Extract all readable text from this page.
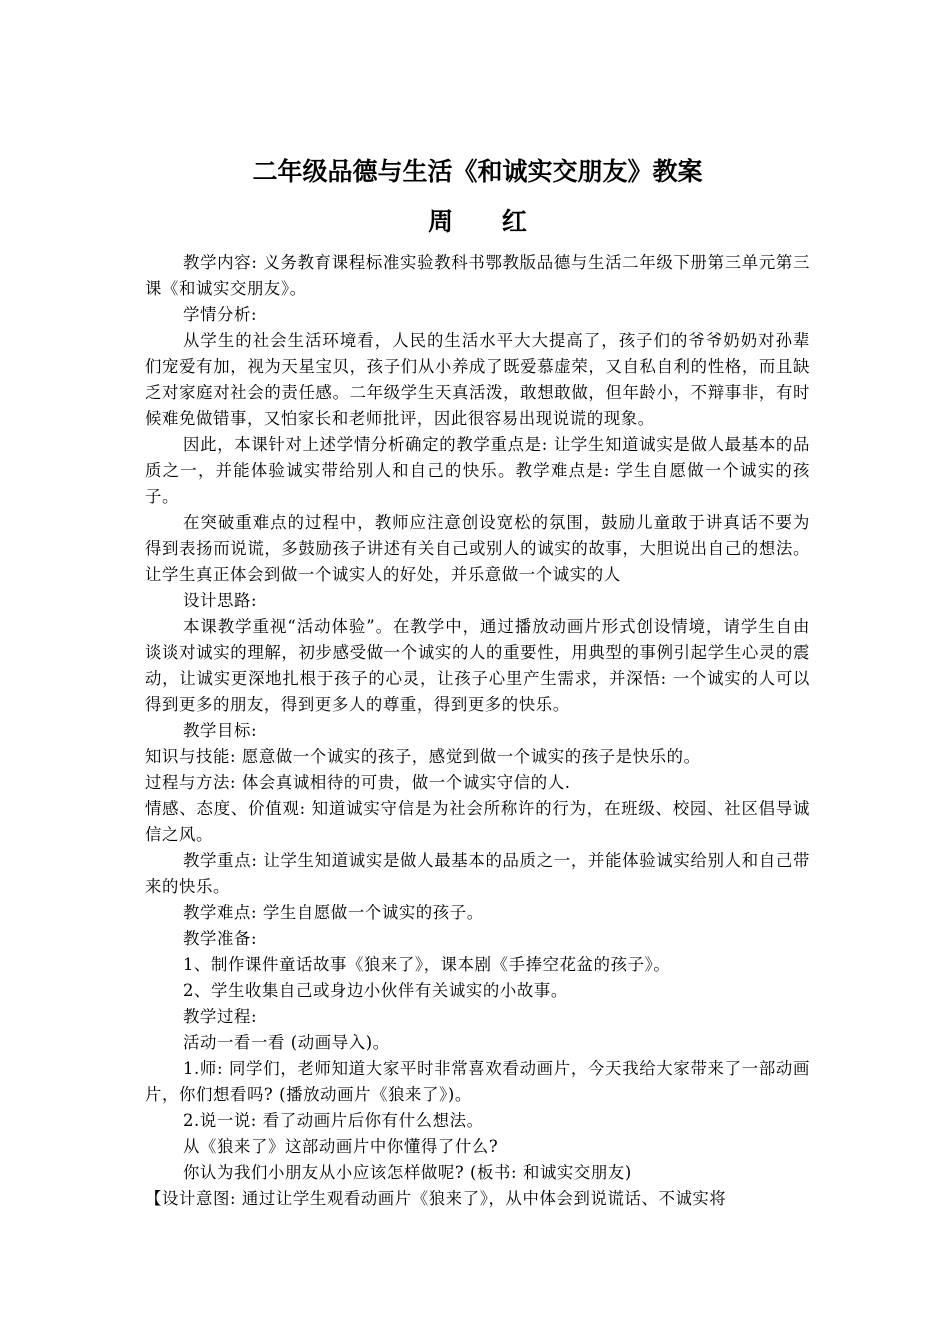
二年级品德与生活《和诚实交朋友》教案
周 红

教学内容: 义务教育课程标准实验教科书鄂教版品德与生活二年级下册第三单元第三课《和诚实交朋友》。

学情分析:

从学生的社会生活环境看，人民的生活水平大大提高了，孩子们的爷爷奶奶对孙辈们宠爱有加，视为天星宝贝，孩子们从小养成了既爱慕虚荣，又自私自利的性格，而且缺乏对家庭对社会的责任感。二年级学生天真活泼，敢想敢做，但年龄小，不辩事非，有时候难免做错事，又怕家长和老师批评，因此很容易出现说谎的现象。

因此，本课针对上述学情分析确定的教学重点是: 让学生知道诚实是做人最基本的品质之一，并能体验诚实带给别人和自己的快乐。教学难点是: 学生自愿做一个诚实的孩子。

在突破重难点的过程中，教师应注意创设宽松的氛围，鼓励儿童敢于讲真话不要为得到表扬而说谎，多鼓励孩子讲述有关自己或别人的诚实的故事，大胆说出自己的想法。让学生真正体会到做一个诚实人的好处，并乐意做一个诚实的人

设计思路:

本课教学重视“活动体验”。在教学中，通过播放动画片形式创设情境，请学生自由谈谈对诚实的理解，初步感受做一个诚实的人的重要性，用典型的事例引起学生心灵的震动，让诚实更深地扎根于孩子的心灵，让孩子心里产生需求，并深悟: 一个诚实的人可以得到更多的朋友，得到更多人的尊重，得到更多的快乐。

教学目标:

知识与技能: 愿意做一个诚实的孩子，感觉到做一个诚实的孩子是快乐的。

过程与方法: 体会真诚相待的可贵，做一个诚实守信的人.

情感、态度、价值观: 知道诚实守信是为社会所称许的行为，在班级、校园、社区倡导诚信之风。

教学重点: 让学生知道诚实是做人最基本的品质之一，并能体验诚实给别人和自己带来的快乐。

教学难点: 学生自愿做一个诚实的孩子。

教学准备:

1、制作课件童话故事《狼来了》，课本剧《手捧空花盆的孩子》。

2、学生收集自己或身边小伙伴有关诚实的小故事。

教学过程:

活动一看一看 (动画导入)。

1.师: 同学们，老师知道大家平时非常喜欢看动画片，今天我给大家带来了一部动画片，你们想看吗? (播放动画片《狼来了》)。

2.说一说: 看了动画片后你有什么想法。

从《狼来了》这部动画片中你懂得了什么?

你认为我们小朋友从小应该怎样做呢? (板书: 和诚实交朋友)

【设计意图: 通过让学生观看动画片《狼来了》，从中体会到说谎话、不诚实将
